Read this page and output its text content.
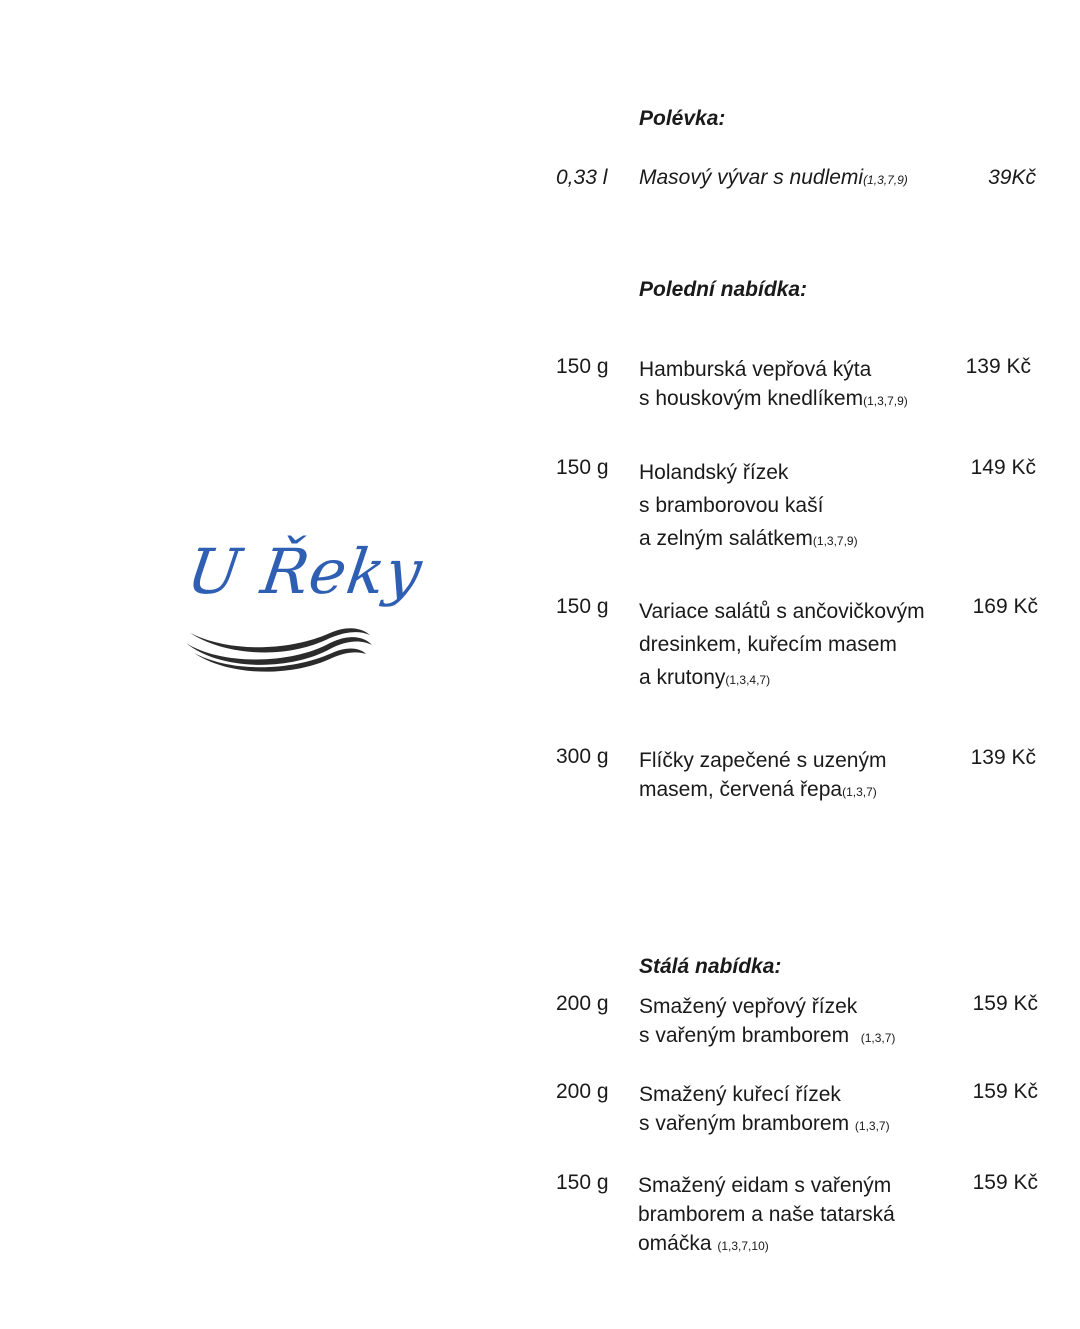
U Řeky
Polévka:
0,33 l Masový vývar s nudlemi(1,3,7,9)	39Kč
Polední nabídka:
150 g Hamburská vepřová kýta
s houskovým knedlíkem(1,3,7,9)
139 Kč
150 g Holandský řízek
s bramborovou kaší
a zelným salátkem(1,3,7,9)
149 Kč
150 g Variace salátů s ančovičkovým
dresinkem, kuřecím masem
a krutony(1,3,4,7)
169 Kč
300 g Flíčky zapečené s uzeným
masem, červená řepa(1,3,7)
139 Kč
Stálá nabídka:
200 g Smažený vepřový řízek
s vařeným bramborem (1,3,7)
159 Kč
200 g Smažený kuřecí řízek
s vařeným bramborem (1,3,7)
159 Kč
150 g Smažený eidam s vařeným
bramborem a naše tatarská
omáčka (1,3,7,10)
159 Kč
